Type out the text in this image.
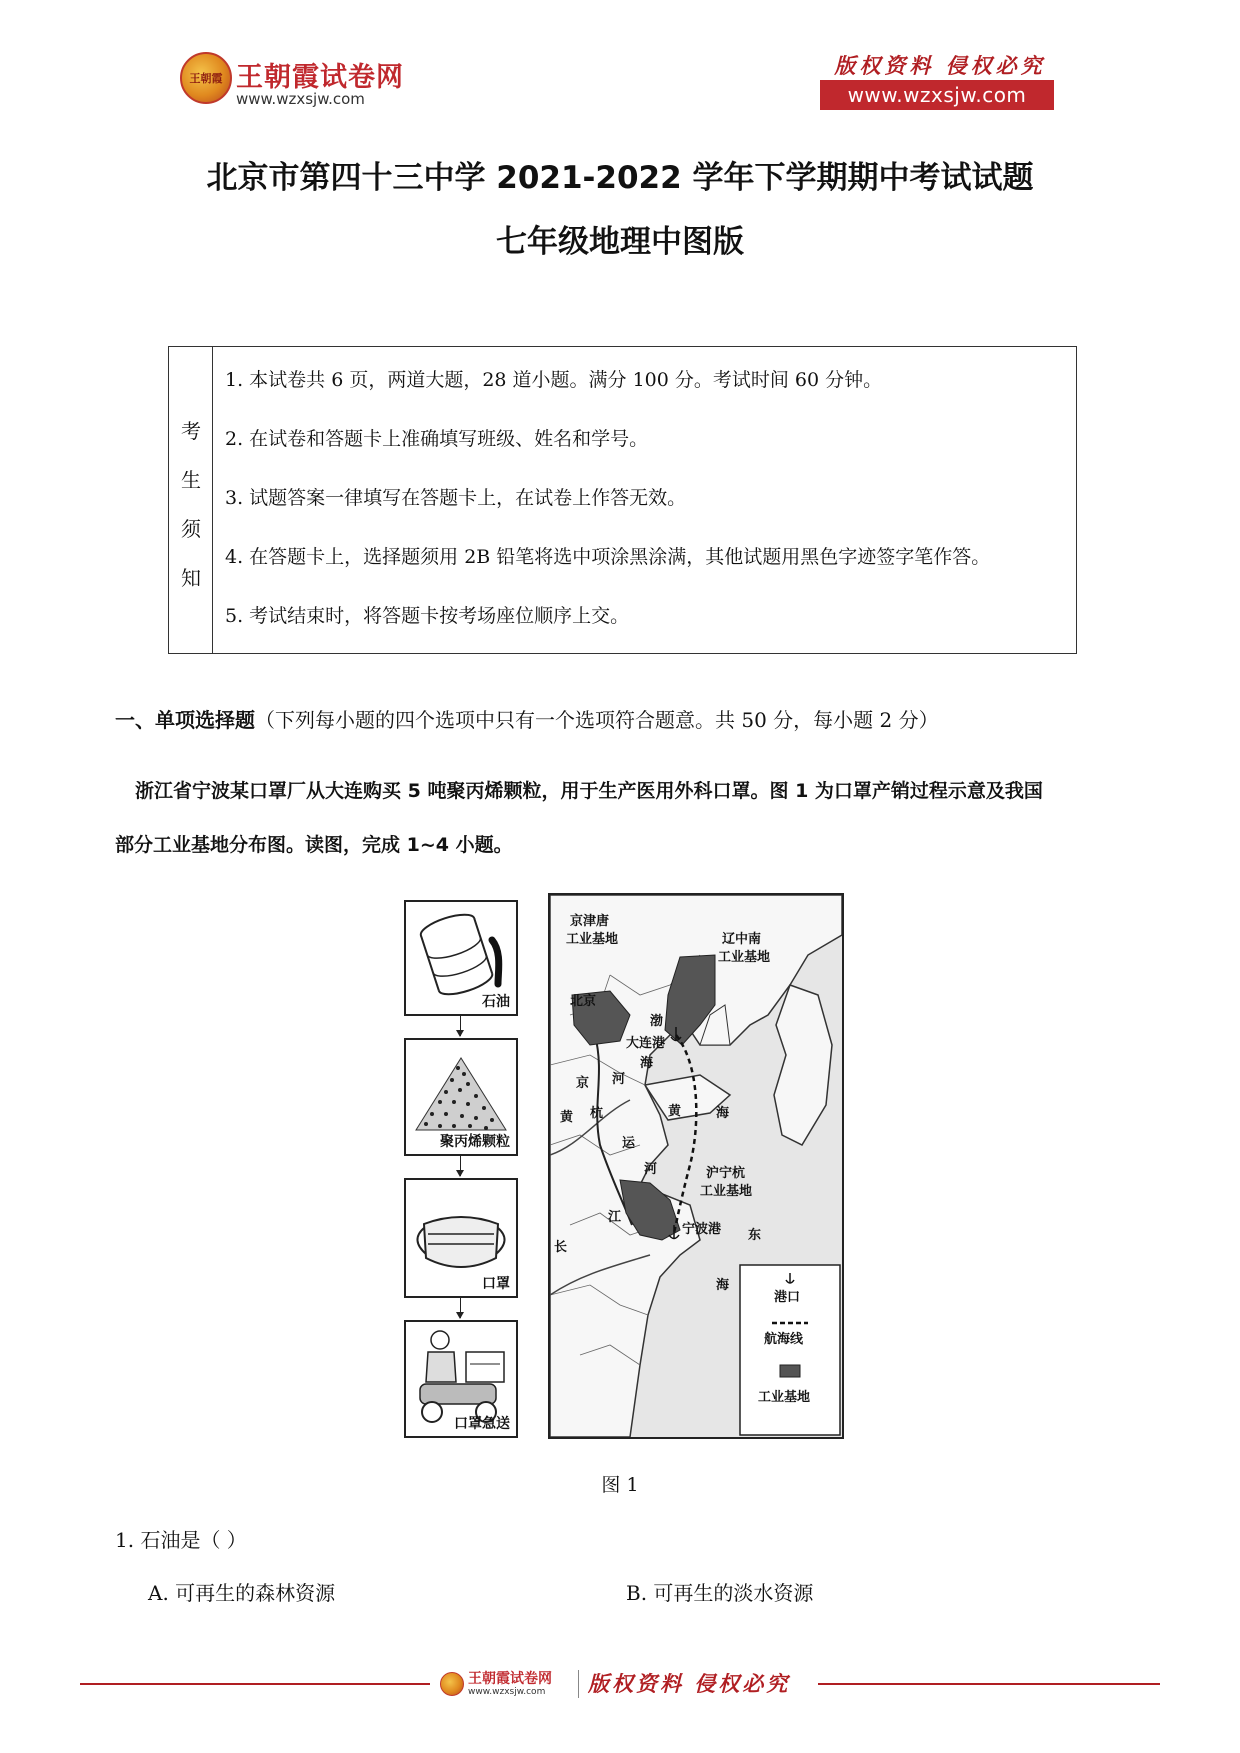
王朝霞 王朝霞试卷网
www.wzxsjw.com
版权资料 侵权必究
www.wzxsjw.com
北京市第四十三中学 2021-2022 学年下学期期中考试试题
七年级地理中图版
考
生
须
知
1. 本试卷共 6 页，两道大题，28 道小题。满分 100 分。考试时间 60 分钟。
2. 在试卷和答题卡上准确填写班级、姓名和学号。
3. 试题答案一律填写在答题卡上，在试卷上作答无效。
4. 在答题卡上，选择题须用 2B 铅笔将选中项涂黑涂满，其他试题用黑色字迹签字笔作答。
5. 考试结束时，将答题卡按考场座位顺序上交。
一、单项选择题（下列每小题的四个选项中只有一个选项符合题意。共 50 分，每小题 2 分）
浙江省宁波某口罩厂从大连购买 5 吨聚丙烯颗粒，用于生产医用外科口罩。图 1 为口罩产销过程示意及我国
部分工业基地分布图。读图，完成 1~4 小题。
石油
聚丙烯颗粒
口罩
口罩急送
京津唐
工业基地	辽中南
工业基地
北京
渤
大连港
海
京 河
黄 杭	黄	海
运
河	沪宁杭
工业基地
江
宁波港
长
东
海
港口
航海线
工业基地
图 1
1. 石油是（ ）
A. 可再生的森林资源	B. 可再生的淡水资源
王朝霞试卷网
www.wzxsjw.com 版权资料 侵权必究
